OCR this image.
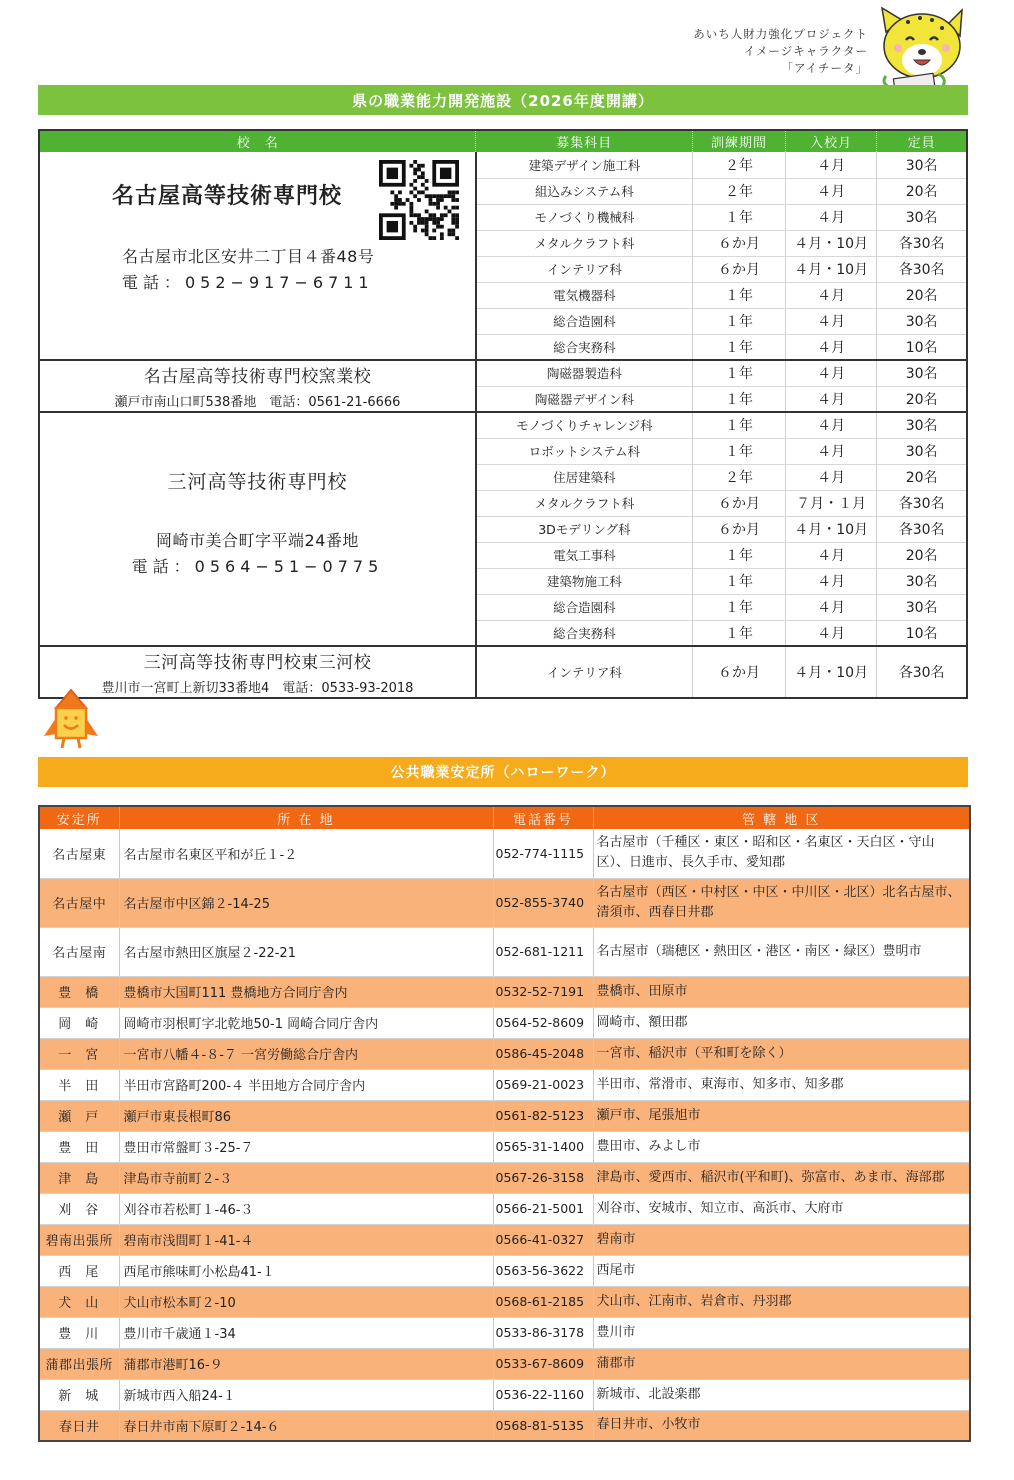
あいち人財力強化プロジェクト
イメージキャラクター
「アイチータ」
県の職業能力開発施設（2026年度開講）
校　名	募集科目	訓練期間	入校月	定員

名古屋高等技術専門校
名古屋市北区安井二丁目４番48号
電話：052−917−6711	建築デザイン施工科	２年	４月	30名
	組込みシステム科	２年	４月	20名
	モノづくり機械科	１年	４月	30名
	メタルクラフト科	６か月	４月・10月	各30名
	インテリア科	６か月	４月・10月	各30名
	電気機器科	１年	４月	20名
	総合造園科	１年	４月	30名
	総合実務科	１年	４月	10名

名古屋高等技術専門校窯業校
瀬戸市南山口町538番地　電話：0561-21-6666	陶磁器製造科	１年	４月	30名
	陶磁器デザイン科	１年	４月	20名

三河高等技術専門校
岡崎市美合町字平端24番地
電話：0564−51−0775	モノづくりチャレンジ科	１年	４月	30名
	ロボットシステム科	１年	４月	30名
	住居建築科	２年	４月	20名
	メタルクラフト科	６か月	７月・１月	各30名
	3Dモデリング科	６か月	４月・10月	各30名
	電気工事科	１年	４月	20名
	建築物施工科	１年	４月	30名
	総合造園科	１年	４月	30名
	総合実務科	１年	４月	10名

三河高等技術専門校東三河校
豊川市一宮町上新切33番地4　電話：0533-93-2018	インテリア科	６か月	４月・10月	各30名
公共職業安定所（ハローワーク）
安定所	所 在 地	電話番号	管 轄 地 区
名古屋東	名古屋市名東区平和が丘１-２	052-774-1115	名古屋市（千種区・東区・昭和区・名東区・天白区・守山区）、日進市、長久手市、愛知郡
名古屋中	名古屋市中区錦２-14-25	052-855-3740	名古屋市（西区・中村区・中区・中川区・北区）北名古屋市、清須市、西春日井郡
名古屋南	名古屋市熱田区旗屋２-22-21	052-681-1211	名古屋市（瑞穂区・熱田区・港区・南区・緑区）豊明市
豊橋	豊橋市大国町111 豊橋地方合同庁舎内	0532-52-7191	豊橋市、田原市
岡崎	岡崎市羽根町字北乾地50-1 岡崎合同庁舎内	0564-52-8609	岡崎市、額田郡
一宮	一宮市八幡４-８-７ 一宮労働総合庁舎内	0586-45-2048	一宮市、稲沢市（平和町を除く）
半田	半田市宮路町200-４ 半田地方合同庁舎内	0569-21-0023	半田市、常滑市、東海市、知多市、知多郡
瀬戸	瀬戸市東長根町86	0561-82-5123	瀬戸市、尾張旭市
豊田	豊田市常盤町３-25-７	0565-31-1400	豊田市、みよし市
津島	津島市寺前町２-３	0567-26-3158	津島市、愛西市、稲沢市(平和町)、弥富市、あま市、海部郡
刈谷	刈谷市若松町１-46-３	0566-21-5001	刈谷市、安城市、知立市、高浜市、大府市
碧南出張所	碧南市浅間町１-41-４	0566-41-0327	碧南市
西尾	西尾市熊味町小松島41-１	0563-56-3622	西尾市
犬山	犬山市松本町２-10	0568-61-2185	犬山市、江南市、岩倉市、丹羽郡
豊川	豊川市千歳通１-34	0533-86-3178	豊川市
蒲郡出張所	蒲郡市港町16-９	0533-67-8609	蒲郡市
新城	新城市西入船24-１	0536-22-1160	新城市、北設楽郡
春日井	春日井市南下原町２-14-６	0568-81-5135	春日井市、小牧市
